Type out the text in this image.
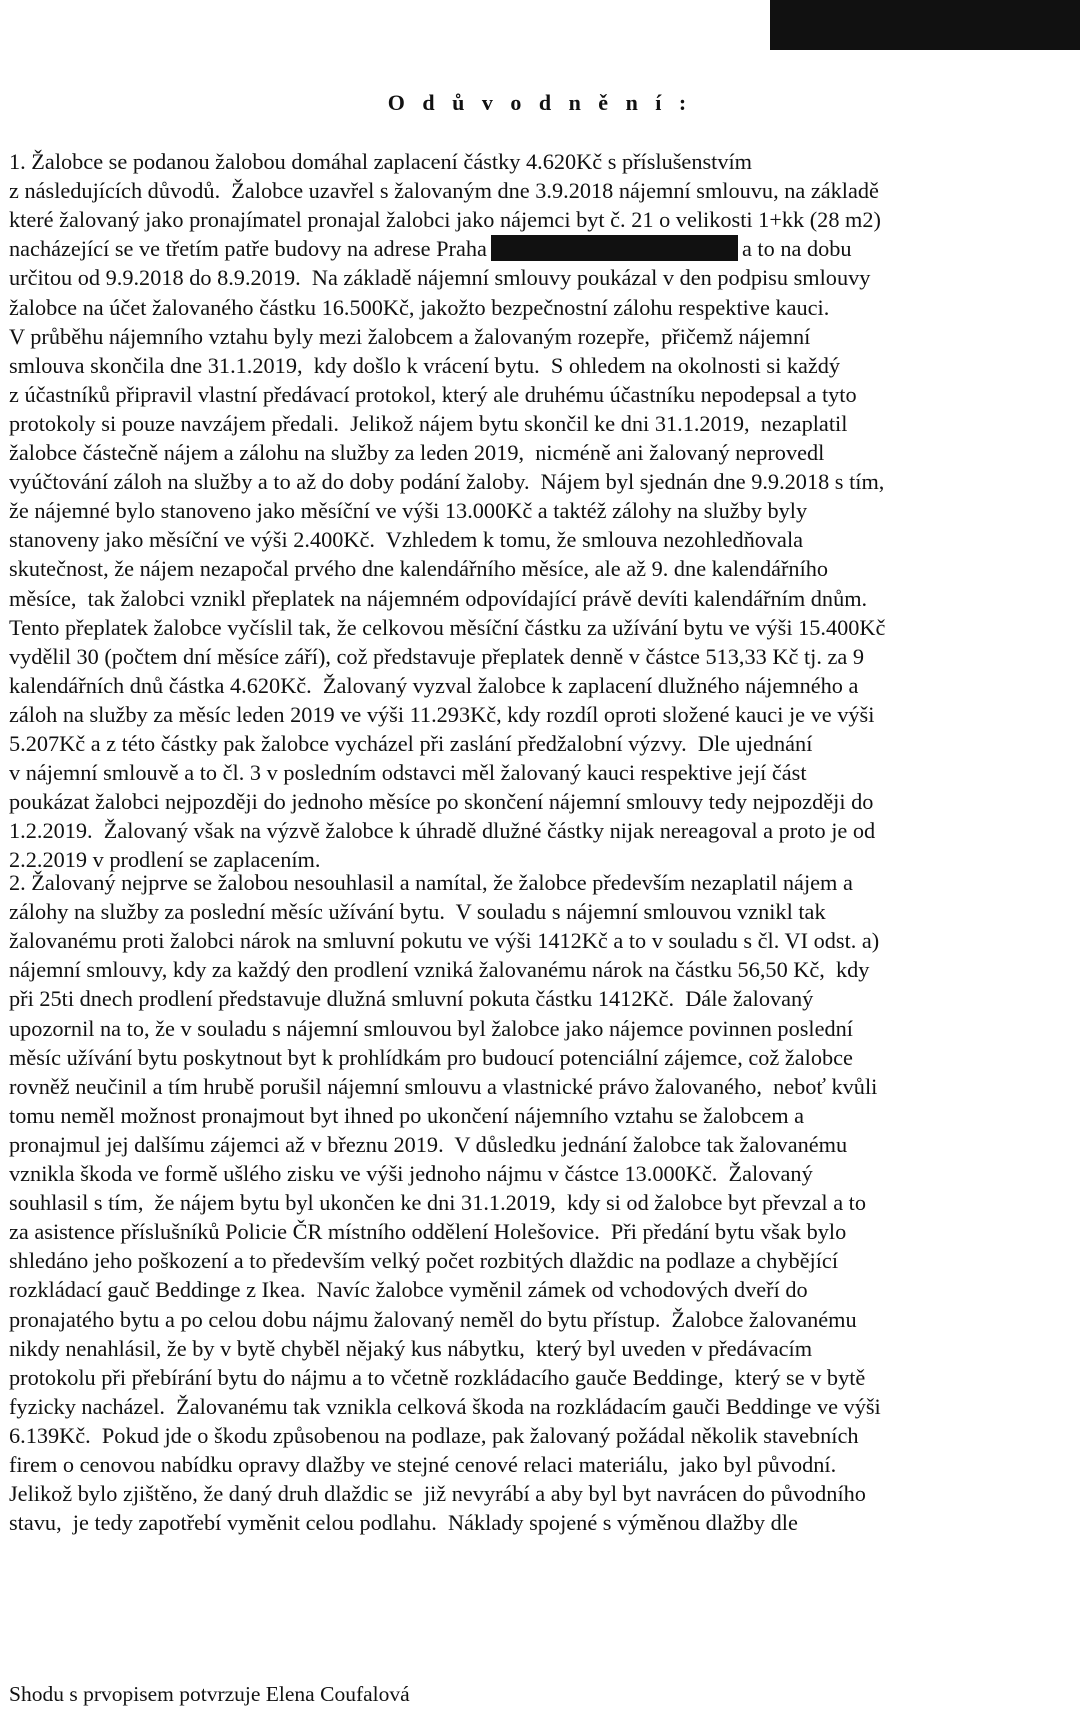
O d ů v o d n ě n í :
1. Žalobce se podanou žalobou domáhal zaplacení částky 4.620Kč s příslušenstvím
z následujících důvodů.  Žalobce uzavřel s žalovaným dne 3.9.2018 nájemní smlouvu, na základě
které žalovaný jako pronajímatel pronajal žalobci jako nájemci byt č. 21 o velikosti 1+kk (28 m2)
nacházející se ve třetím patře budovy na adrese Praha	a to na dobu
určitou od 9.9.2018 do 8.9.2019.  Na základě nájemní smlouvy poukázal v den podpisu smlouvy
žalobce na účet žalovaného částku 16.500Kč, jakožto bezpečnostní zálohu respektive kauci.
V průběhu nájemního vztahu byly mezi žalobcem a žalovaným rozepře,  přičemž nájemní
smlouva skončila dne 31.1.2019,  kdy došlo k vrácení bytu.  S ohledem na okolnosti si každý
z účastníků připravil vlastní předávací protokol, který ale druhému účastníku nepodepsal a tyto
protokoly si pouze navzájem předali.  Jelikož nájem bytu skončil ke dni 31.1.2019,  nezaplatil
žalobce částečně nájem a zálohu na služby za leden 2019,  nicméně ani žalovaný neprovedl
vyúčtování záloh na služby a to až do doby podání žaloby.  Nájem byl sjednán dne 9.9.2018 s tím,
že nájemné bylo stanoveno jako měsíční ve výši 13.000Kč a taktéž zálohy na služby byly
stanoveny jako měsíční ve výši 2.400Kč.  Vzhledem k tomu, že smlouva nezohledňovala
skutečnost, že nájem nezapočal prvého dne kalendářního měsíce, ale až 9. dne kalendářního
měsíce,  tak žalobci vznikl přeplatek na nájemném odpovídající právě devíti kalendářním dnům.
Tento přeplatek žalobce vyčíslil tak, že celkovou měsíční částku za užívání bytu ve výši 15.400Kč
vydělil 30 (počtem dní měsíce září), což představuje přeplatek denně v částce 513,33 Kč tj. za 9
kalendářních dnů částka 4.620Kč.  Žalovaný vyzval žalobce k zaplacení dlužného nájemného a
záloh na služby za měsíc leden 2019 ve výši 11.293Kč, kdy rozdíl oproti složené kauci je ve výši
5.207Kč a z této částky pak žalobce vycházel při zaslání předžalobní výzvy.  Dle ujednání
v nájemní smlouvě a to čl. 3 v posledním odstavci měl žalovaný kauci respektive její část
poukázat žalobci nejpozději do jednoho měsíce po skončení nájemní smlouvy tedy nejpozději do
1.2.2019.  Žalovaný však na výzvě žalobce k úhradě dlužné částky nijak nereagoval a proto je od
2.2.2019 v prodlení se zaplacením.
2. Žalovaný nejprve se žalobou nesouhlasil a namítal, že žalobce především nezaplatil nájem a
zálohy na služby za poslední měsíc užívání bytu.  V souladu s nájemní smlouvou vznikl tak
žalovanému proti žalobci nárok na smluvní pokutu ve výši 1412Kč a to v souladu s čl. VI odst. a)
nájemní smlouvy, kdy za každý den prodlení vzniká žalovanému nárok na částku 56,50 Kč,  kdy
při 25ti dnech prodlení představuje dlužná smluvní pokuta částku 1412Kč.  Dále žalovaný
upozornil na to, že v souladu s nájemní smlouvou byl žalobce jako nájemce povinnen poslední
měsíc užívání bytu poskytnout byt k prohlídkám pro budoucí potenciální zájemce, což žalobce
rovněž neučinil a tím hrubě porušil nájemní smlouvu a vlastnické právo žalovaného,  neboť kvůli
tomu neměl možnost pronajmout byt ihned po ukončení nájemního vztahu se žalobcem a
pronajmul jej dalšímu zájemci až v březnu 2019.  V důsledku jednání žalobce tak žalovanému
vznikla škoda ve formě ušlého zisku ve výši jednoho nájmu v částce 13.000Kč.  Žalovaný
souhlasil s tím,  že nájem bytu byl ukončen ke dni 31.1.2019,  kdy si od žalobce byt převzal a to
za asistence příslušníků Policie ČR místního oddělení Holešovice.  Při předání bytu však bylo
shledáno jeho poškození a to především velký počet rozbitých dlaždic na podlaze a chybějící
rozkládací gauč Beddinge z Ikea.  Navíc žalobce vyměnil zámek od vchodových dveří do
pronajatého bytu a po celou dobu nájmu žalovaný neměl do bytu přístup.  Žalobce žalovanému
nikdy nenahlásil, že by v bytě chyběl nějaký kus nábytku,  který byl uveden v předávacím
protokolu při přebírání bytu do nájmu a to včetně rozkládacího gauče Beddinge,  který se v bytě
fyzicky nacházel.  Žalovanému tak vznikla celková škoda na rozkládacím gauči Beddinge ve výši
6.139Kč.  Pokud jde o škodu způsobenou na podlaze, pak žalovaný požádal několik stavebních
firem o cenovou nabídku opravy dlažby ve stejné cenové relaci materiálu,  jako byl původní.
Jelikož bylo zjištěno, že daný druh dlaždic se  již nevyrábí a aby byl byt navrácen do původního
stavu,  je tedy zapotřebí vyměnit celou podlahu.  Náklady spojené s výměnou dlažby dle
Shodu s prvopisem potvrzuje Elena Coufalová
